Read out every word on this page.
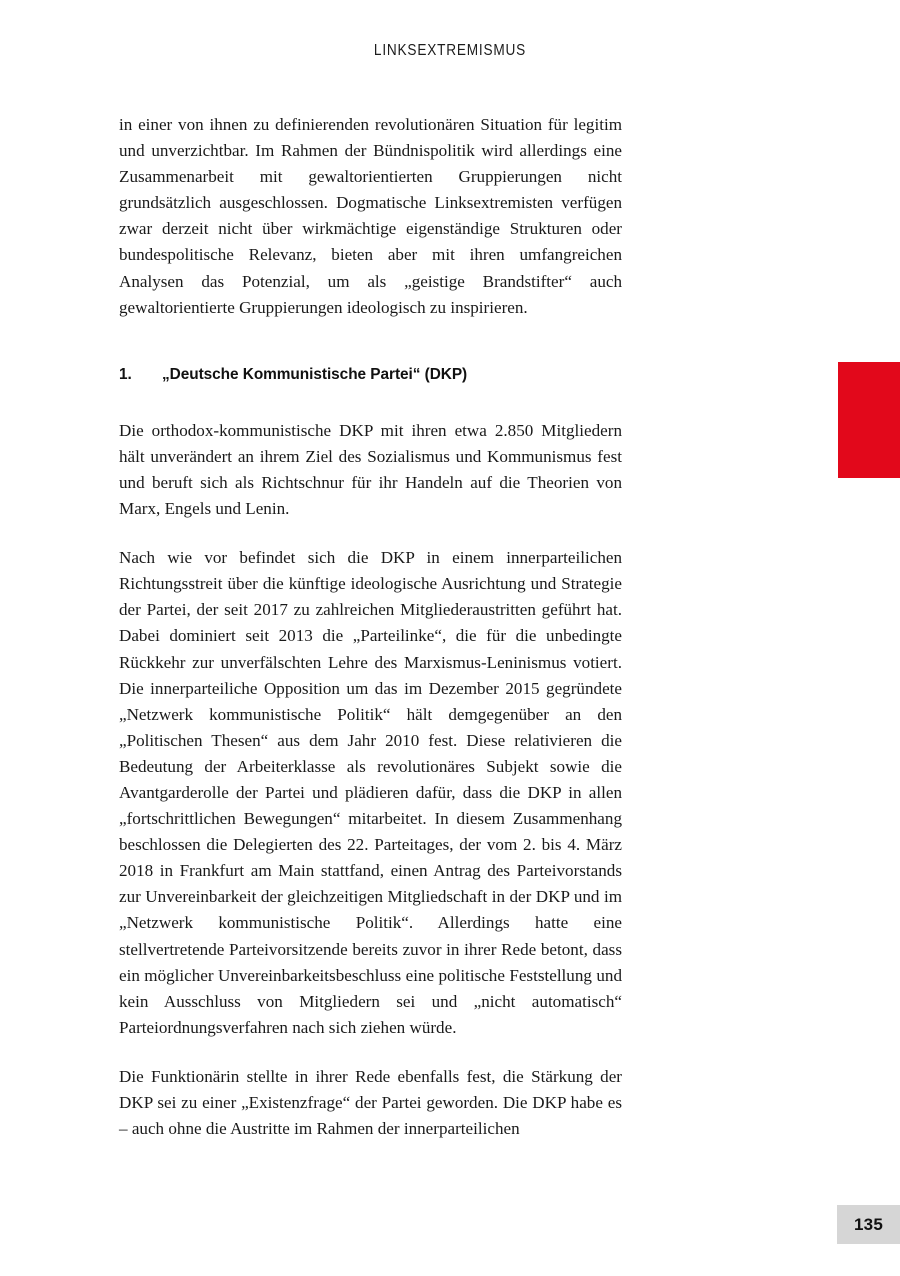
LINKSEXTREMISMUS

in einer von ihnen zu definierenden revolutionären Situation für legitim und unverzichtbar. Im Rahmen der Bündnispolitik wird allerdings eine Zusammenarbeit mit gewaltorientierten Gruppierungen nicht grundsätzlich ausgeschlossen. Dogmatische Linksextremisten verfügen zwar derzeit nicht über wirkmächtige eigenständige Strukturen oder bundespolitische Relevanz, bieten aber mit ihren umfangreichen Analysen das Potenzial, um als „geistige Brandstifter“ auch gewaltorientierte Gruppierungen ideologisch zu inspirieren.

1.	„Deutsche Kommunistische Partei“ (DKP)

Die orthodox-kommunistische DKP mit ihren etwa 2.850 Mitgliedern hält unverändert an ihrem Ziel des Sozialismus und Kommunismus fest und beruft sich als Richtschnur für ihr Handeln auf die Theorien von Marx, Engels und Lenin.

Nach wie vor befindet sich die DKP in einem innerparteilichen Richtungsstreit über die künftige ideologische Ausrichtung und Strategie der Partei, der seit 2017 zu zahlreichen Mitgliederaustritten geführt hat. Dabei dominiert seit 2013 die „Parteilinke“, die für die unbedingte Rückkehr zur unverfälschten Lehre des Marxismus-Leninismus votiert. Die innerparteiliche Opposition um das im Dezember 2015 gegründete „Netzwerk kommunistische Politik“ hält demgegenüber an den „Politischen Thesen“ aus dem Jahr 2010 fest. Diese relativieren die Bedeutung der Arbeiterklasse als revolutionäres Subjekt sowie die Avantgarderolle der Partei und plädieren dafür, dass die DKP in allen „fortschrittlichen Bewegungen“ mitarbeitet. In diesem Zusammenhang beschlossen die Delegierten des 22. Parteitages, der vom 2. bis 4. März 2018 in Frankfurt am Main stattfand, einen Antrag des Parteivorstands zur Unvereinbarkeit der gleichzeitigen Mitgliedschaft in der DKP und im „Netzwerk kommunistische Politik“. Allerdings hatte eine stellvertretende Parteivorsitzende bereits zuvor in ihrer Rede betont, dass ein möglicher Unvereinbarkeitsbeschluss eine politische Feststellung und kein Ausschluss von Mitgliedern sei und „nicht automatisch“ Parteiordnungsverfahren nach sich ziehen würde.

Die Funktionärin stellte in ihrer Rede ebenfalls fest, die Stärkung der DKP sei zu einer „Existenzfrage“ der Partei geworden. Die DKP habe es – auch ohne die Austritte im Rahmen der innerparteilichen

135
